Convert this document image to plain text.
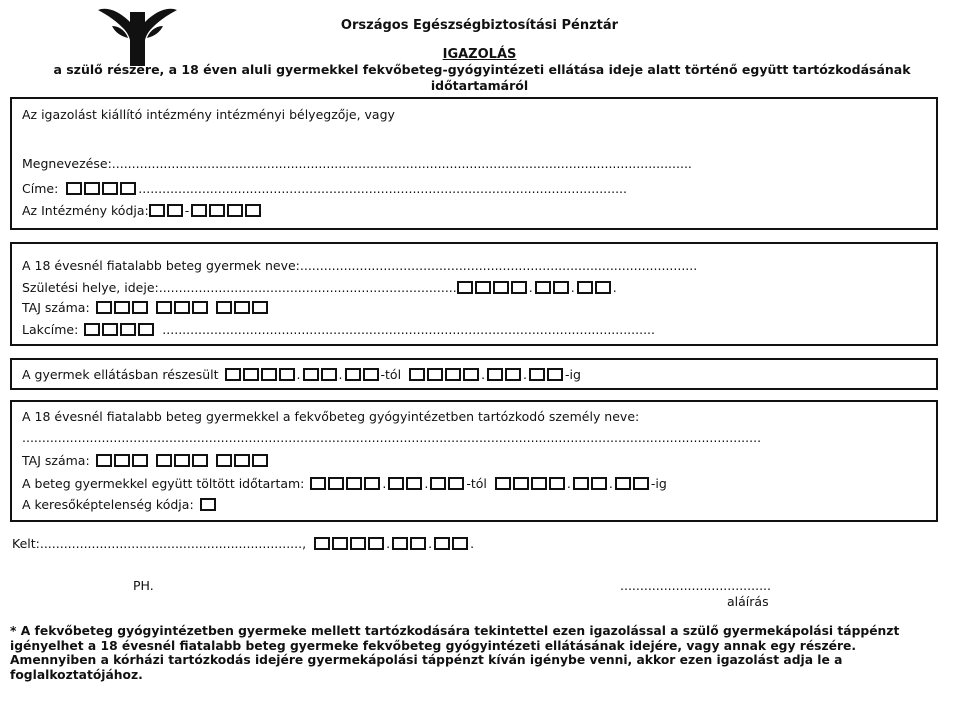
Országos Egészségbiztosítási Pénztár
IGAZOLÁS
a szülő részére, a 18 éven aluli gyermekkel fekvőbeteg-gyógyintézeti ellátása ideje alatt történő együtt tartózkodásának
időtartamáról
Az igazolást kiállító intézmény intézményi bélyegzője, vagy
Megnevezése: ..................................................................................................................................................
Címe:	...........................................................................................................................
Az Intézmény kódja:	-
A 18 évesnél fiatalabb beteg gyermek neve: ....................................................................................................
Születési helye, ideje: ...........................................................................	.	.	.
TAJ száma:
Lakcíme:	............................................................................................................................
A gyermek ellátásban részesült	.	.	-tól	.	.	-ig
A 18 évesnél fiatalabb beteg gyermekkel a fekvőbeteg gyógyintézetben tartózkodó személy neve:
..........................................................................................................................................................................................
TAJ száma:
A beteg gyermekkel együtt töltött időtartam:	.	.	-tól	.	.	-ig
A keresőképtelenség kódja:
Kelt: .................................................................. ,	.	.	.
PH.	......................................
aláírás
* A fekvőbeteg gyógyintézetben gyermeke mellett tartózkodására tekintettel ezen igazolással a szülő gyermekápolási táppénzt igényelhet a 18 évesnél fiatalabb beteg gyermeke fekvőbeteg gyógyintézeti ellátásának idejére, vagy annak egy részére. Amennyiben a kórházi tartózkodás idejére gyermekápolási táppénzt kíván igénybe venni, akkor ezen igazolást adja le a foglalkoztatójához.
